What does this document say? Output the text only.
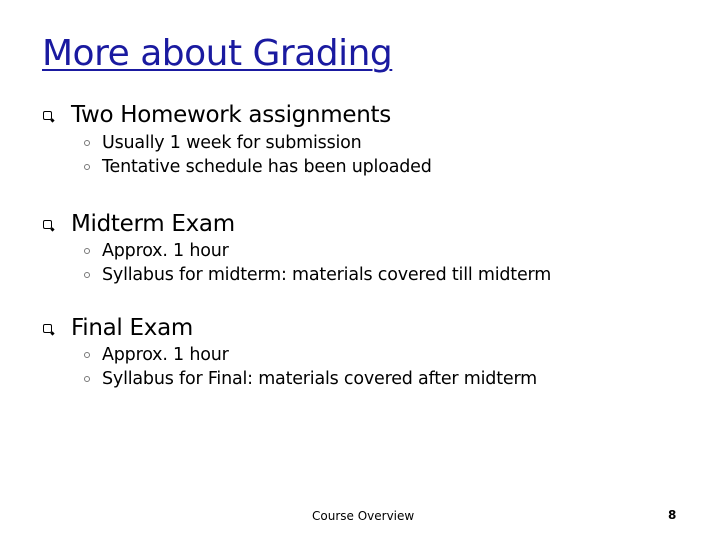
More about Grading
Two Homework assignments
Usually 1 week for submission
Tentative schedule has been uploaded
Midterm Exam
Approx. 1 hour
Syllabus for midterm: materials covered till midterm
Final Exam
Approx. 1 hour
Syllabus for Final: materials covered after midterm
Course Overview	8
